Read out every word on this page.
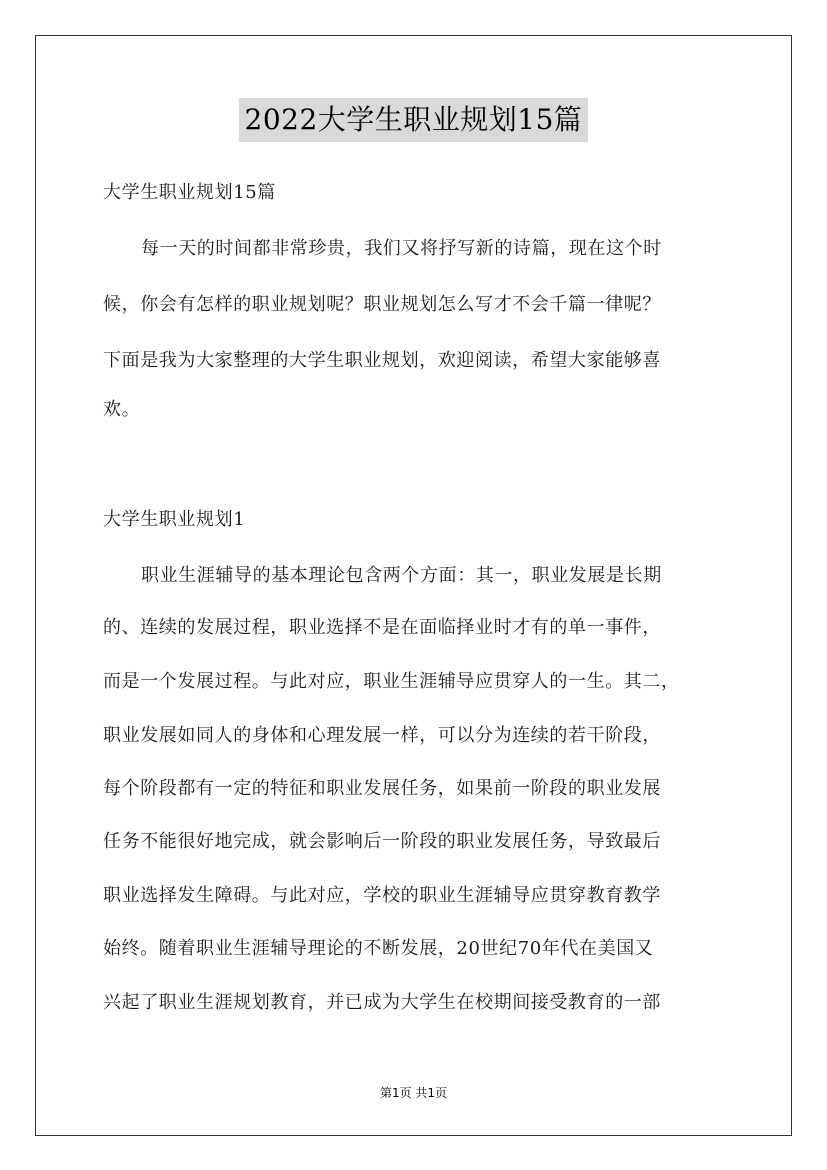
2022大学生职业规划15篇
大学生职业规划15篇
每一天的时间都非常珍贵，我们又将抒写新的诗篇，现在这个时
候，你会有怎样的职业规划呢？职业规划怎么写才不会千篇一律呢？
下面是我为大家整理的大学生职业规划，欢迎阅读，希望大家能够喜
欢。
大学生职业规划1
职业生涯辅导的基本理论包含两个方面：其一，职业发展是长期
的、连续的发展过程，职业选择不是在面临择业时才有的单一事件，
而是一个发展过程。与此对应，职业生涯辅导应贯穿人的一生。其二，
职业发展如同人的身体和心理发展一样，可以分为连续的若干阶段，
每个阶段都有一定的特征和职业发展任务，如果前一阶段的职业发展
任务不能很好地完成，就会影响后一阶段的职业发展任务，导致最后
职业选择发生障碍。与此对应，学校的职业生涯辅导应贯穿教育教学
始终。随着职业生涯辅导理论的不断发展，20世纪70年代在美国又
兴起了职业生涯规划教育，并已成为大学生在校期间接受教育的一部
第1页 共1页
